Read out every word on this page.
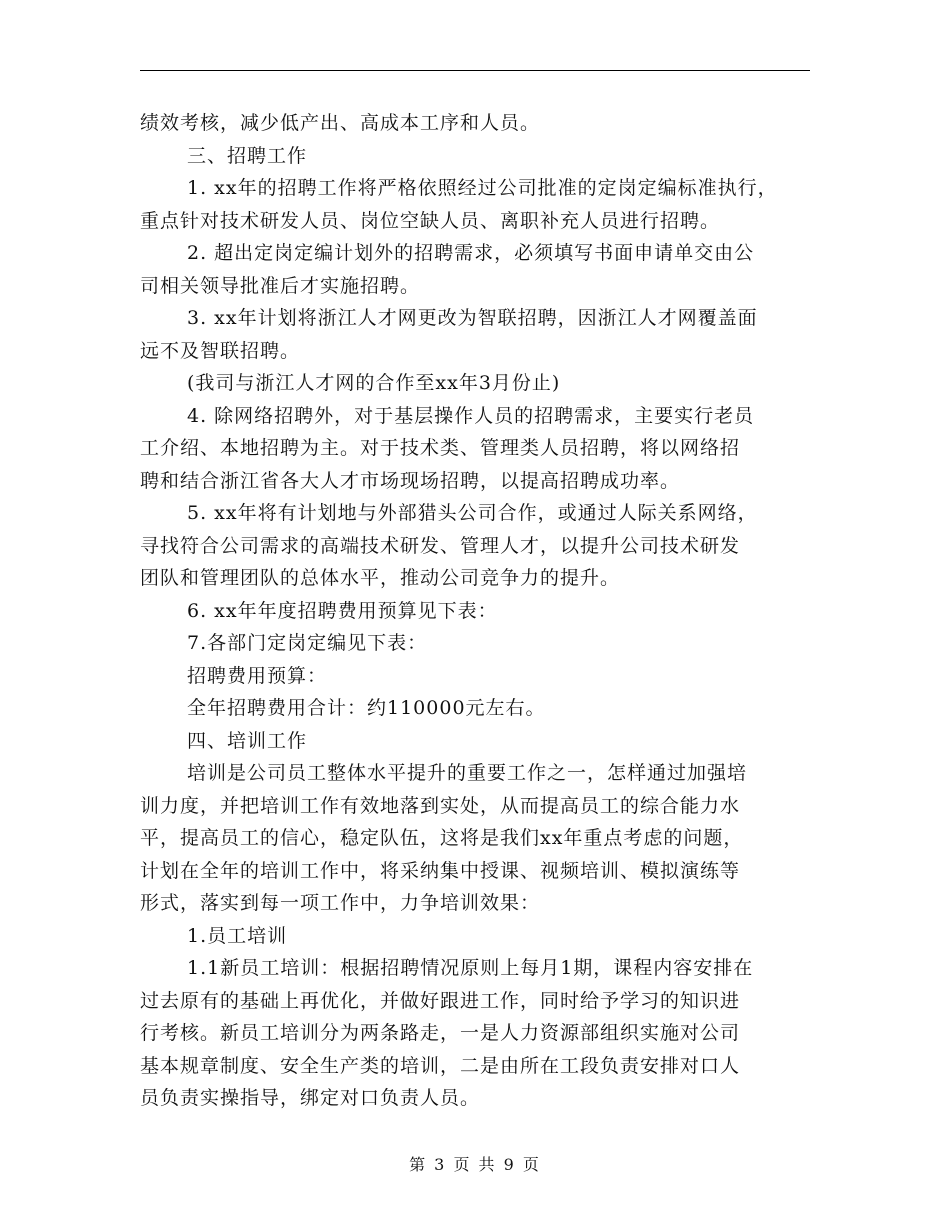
绩效考核，减少低产出、高成本工序和人员。
三、招聘工作
1. xx年的招聘工作将严格依照经过公司批准的定岗定编标准执行，
重点针对技术研发人员、岗位空缺人员、离职补充人员进行招聘。
2. 超出定岗定编计划外的招聘需求，必须填写书面申请单交由公
司相关领导批准后才实施招聘。
3. xx年计划将浙江人才网更改为智联招聘，因浙江人才网覆盖面
远不及智联招聘。
(我司与浙江人才网的合作至xx年3月份止)
4. 除网络招聘外，对于基层操作人员的招聘需求，主要实行老员
工介绍、本地招聘为主。对于技术类、管理类人员招聘，将以网络招
聘和结合浙江省各大人才市场现场招聘，以提高招聘成功率。
5. xx年将有计划地与外部猎头公司合作，或通过人际关系网络，
寻找符合公司需求的高端技术研发、管理人才，以提升公司技术研发
团队和管理团队的总体水平，推动公司竞争力的提升。
6. xx年年度招聘费用预算见下表：
7.各部门定岗定编见下表：
招聘费用预算：
全年招聘费用合计：约110000元左右。
四、培训工作
培训是公司员工整体水平提升的重要工作之一，怎样通过加强培
训力度，并把培训工作有效地落到实处，从而提高员工的综合能力水
平，提高员工的信心，稳定队伍，这将是我们xx年重点考虑的问题，
计划在全年的培训工作中，将采纳集中授课、视频培训、模拟演练等
形式，落实到每一项工作中，力争培训效果：
1.员工培训
1.1新员工培训：根据招聘情况原则上每月1期，课程内容安排在
过去原有的基础上再优化，并做好跟进工作，同时给予学习的知识进
行考核。新员工培训分为两条路走，一是人力资源部组织实施对公司
基本规章制度、安全生产类的培训，二是由所在工段负责安排对口人
员负责实操指导，绑定对口负责人员。
第 3 页 共 9 页
